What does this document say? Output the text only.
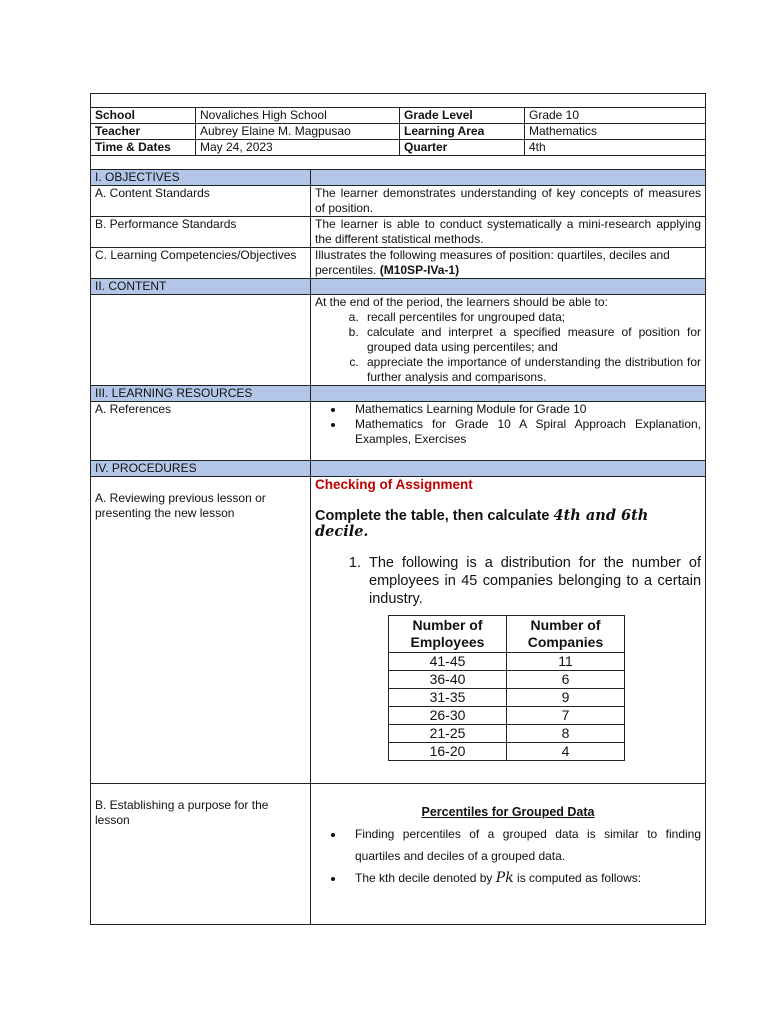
School	Novaliches High School	Grade Level	Grade 10
Teacher	Aubrey Elaine M. Magpusao	Learning Area	Mathematics
Time & Dates	May 24, 2023	Quarter	4th

I. OBJECTIVES	
A. Content Standards	The learner demonstrates understanding of key concepts of measures of position.
B. Performance Standards	The learner is able to conduct systematically a mini-research applying the different statistical methods.
C. Learning Competencies/Objectives	Illustrates the following measures of position: quartiles, deciles and percentiles. (M10SP-IVa-1)
II. CONTENT	

At the end of the period, the learners should be able to:
a. recall percentiles for ungrouped data;
b. calculate and interpret a specified measure of position for grouped data using percentiles; and
c. appreciate the importance of understanding the distribution for further analysis and comparisons.

III. LEARNING RESOURCES	
A. References	
•Mathematics Learning Module for Grade 10
• Mathematics for Grade 10 A Spiral Approach Explanation, Examples, Exercises

IV. PROCEDURES	
A. Reviewing previous lesson or presenting the new lesson	
Checking of Assignment
Complete the table, then calculate 4th and 6th decile.
1. The following is a distribution for the number of employees in 45 companies belonging to a certain industry.
Number of Employees	Number of Companies
41-45	11
36-40	6
31-35	9
26-30	7
21-25	8
16-20	4

B. Establishing a purpose for the lesson	
Percentiles for Grouped Data
• Finding percentiles of a grouped data is similar to finding quartiles and deciles of a grouped data.
• The kth decile denoted by Pk is computed as follows:
